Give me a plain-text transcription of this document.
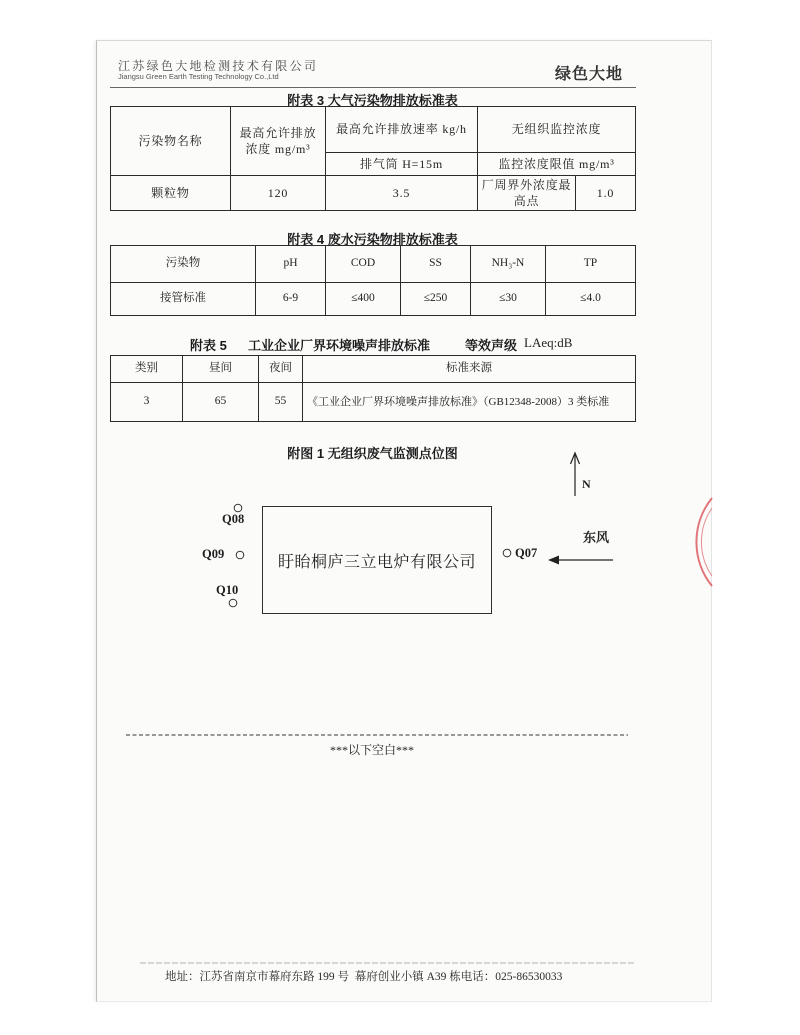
江苏绿色大地检测技术有限公司
Jiangsu Green Earth Testing Technology Co.,Ltd	绿色大地
附表 3 大气污染物排放标准表
污染物名称	最高允许排放浓度 mg/m³	最高允许排放速率 kg/h	无组织监控浓度	
		排气筒 H=15m	监控浓度限值 mg/m³	
颗粒物	120	3.5	厂周界外浓度最高点	1.0
附表 4 废水污染物排放标准表
污染物	pH	COD	SS	NH₃-N	TP
接管标准	6-9	≤400	≤250	≤30	≤4.0
附表 5 工业企业厂界环境噪声排放标准	等效声级 LAeq:dB
类别	昼间	夜间	标准来源
3	65	55	《工业企业厂界环境噪声排放标准》（GB12348-2008）3 类标准
附图 1 无组织废气监测点位图
N
盱眙桐庐三立电炉有限公司
Q08
Q09
Q10
Q07
东风
***以下空白***
地址：江苏省南京市幕府东路 199 号  幕府创业小镇 A39 栋电话：025-86530033
